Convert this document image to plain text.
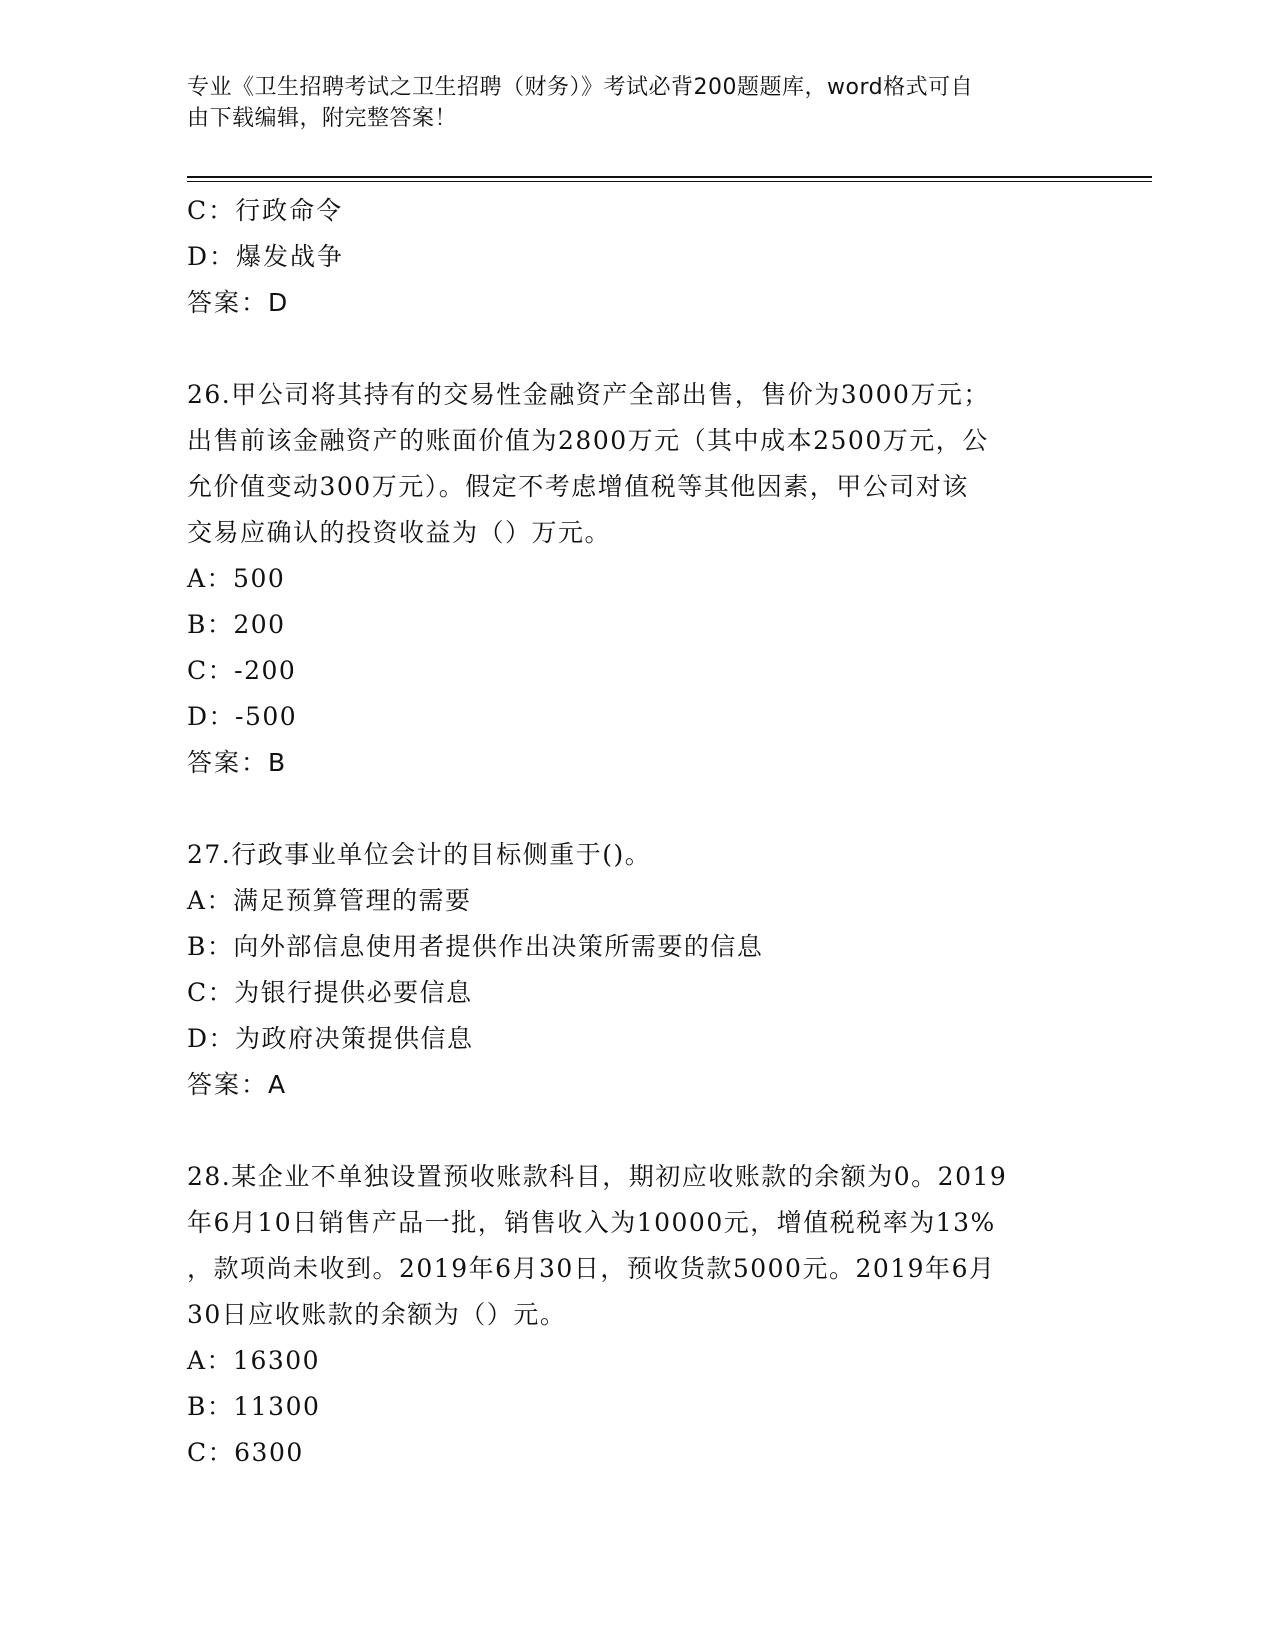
专业《卫生招聘考试之卫生招聘（财务）》考试必背200题题库，word格式可自
由下载编辑，附完整答案！
C：行政命令
D：爆发战争
答案：D
26.甲公司将其持有的交易性金融资产全部出售，售价为3000万元；
出售前该金融资产的账面价值为2800万元（其中成本2500万元，公
允价值变动300万元）。假定不考虑增值税等其他因素，甲公司对该
交易应确认的投资收益为（）万元。
A：500
B：200
C：-200
D：-500
答案：B
27.行政事业单位会计的目标侧重于()。
A：满足预算管理的需要
B：向外部信息使用者提供作出决策所需要的信息
C：为银行提供必要信息
D：为政府决策提供信息
答案：A
28.某企业不单独设置预收账款科目，期初应收账款的余额为0。2019
年6月10日销售产品一批，销售收入为10000元，增值税税率为13%
，款项尚未收到。2019年6月30日，预收货款5000元。2019年6月
30日应收账款的余额为（）元。
A：16300
B：11300
C：6300
